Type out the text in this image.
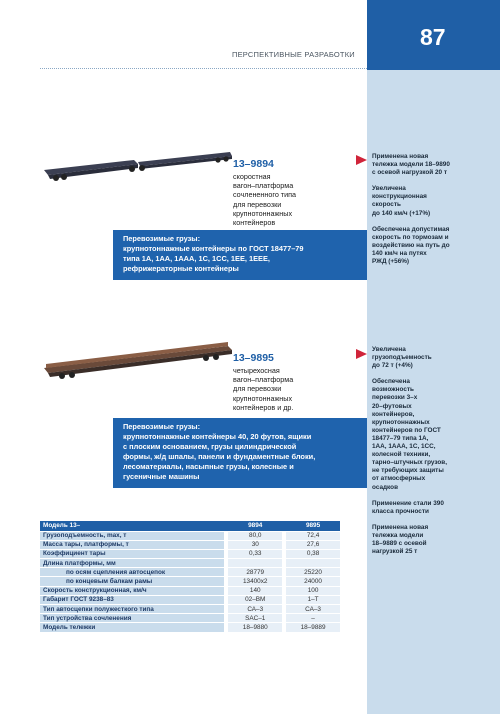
87
ПЕРСПЕКТИВНЫЕ РАЗРАБОТКИ
13–9894
скоростная
вагон–платформа
сочлененного типа
для перевозки
крупнотоннажных
контейнеров
Перевозимые грузы:
крупнотоннажные контейнеры по ГОСТ 18477–79
типа 1А, 1АА, 1ААА, 1С, 1СС, 1ЕЕ, 1ЕЕЕ,
рефрижераторные контейнеры
Применена новая
тележка модели 18–9890
с осевой нагрузкой 20 т
Увеличена
конструкционная
скорость
до 140 км/ч (+17%)
Обеспечена допустимая
скорость по тормозам и
воздействию на путь до
140 км/ч на путях
РЖД (+56%)
13–9895
четырехосная
вагон–платформа
для перевозки
крупнотоннажных
контейнеров и др.
Перевозимые грузы:
крупнотоннажные контейнеры 40, 20 футов, ящики
с плоским основанием, грузы цилиндрической
формы, ж/д шпалы, панели и фундаментные блоки,
лесоматериалы, насыпные грузы, колесные и
гусеничные машины
Увеличена
грузоподъемность
до 72 т (+4%)
Обеспечена
возможность
перевозки 3–х
20–футовых
контейнеров,
крупнотоннажных
контейнеров по ГОСТ
18477–79 типа 1А,
1АА, 1ААА, 1С, 1СС,
колесной техники,
тарно–штучных грузов,
не требующих защиты
от атмосферных
осадков
Применение стали 390
класса прочности
Применена новая
тележка модели
18–9889 с осевой
нагрузкой 25 т
Модель 13–		9894		9895
Грузоподъемность, max, т		80,0		72,4
Масса тары, платформы, т		30		27,6
Коэффициент тары		0,33		0,38
Длина платформы, мм				
по осям сцепления автосцепок		28779		25220
по концевым балкам рамы		13400x2		24000
Скорость конструкционная, км/ч		140		100
Габарит ГОСТ 9238–83		02–ВМ		1–Т
Тип автосцепки полужесткого типа		СА–3		СА–3
Тип устройства сочленения		SAC–1		–
Модель тележки		18–9880		18–9889
